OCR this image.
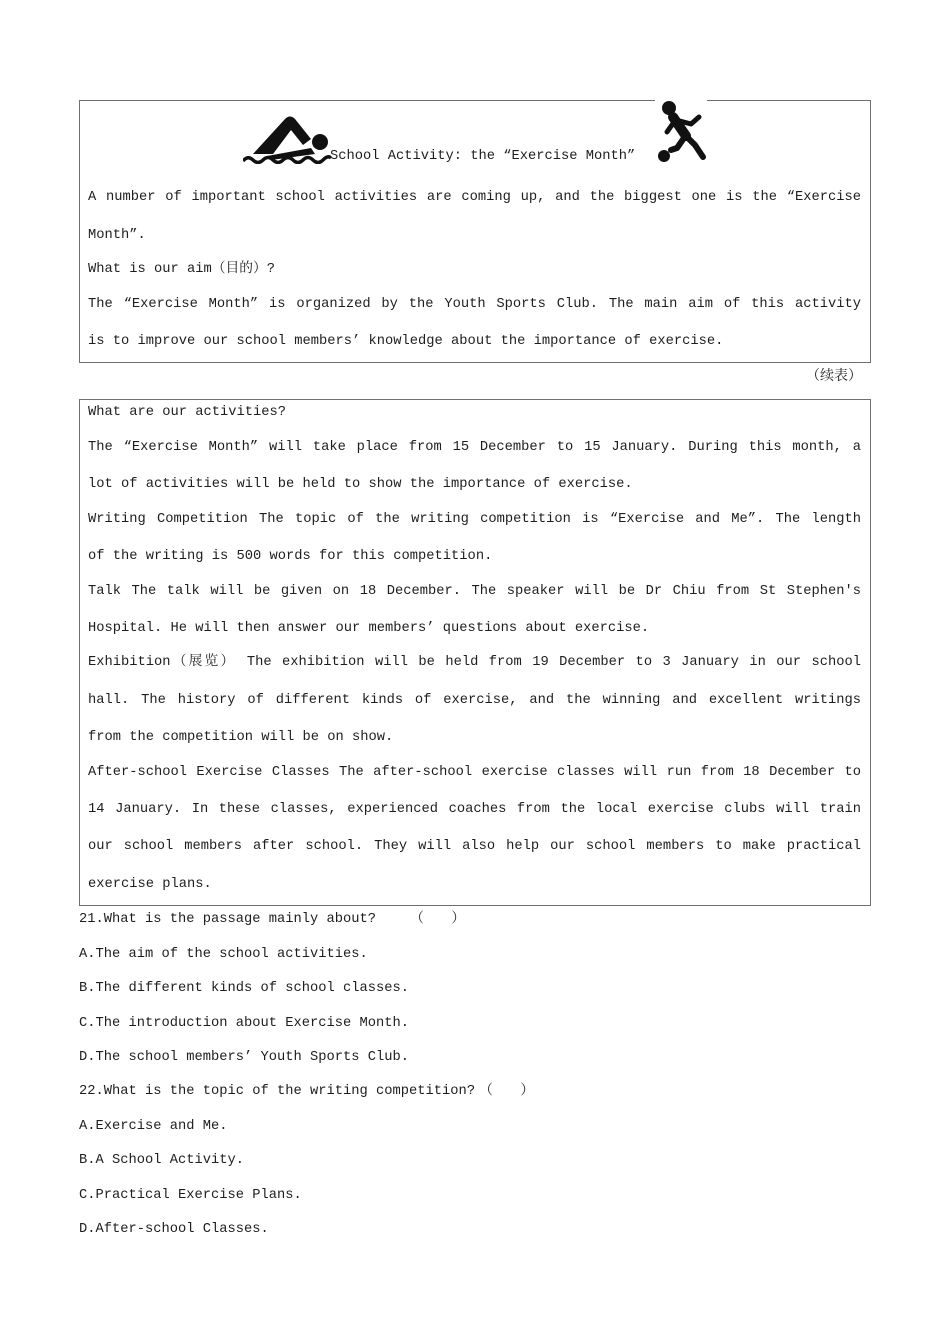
School Activity: the “Exercise Month”
A number of important school activities are coming up, and the biggest one is the “Exercise
Month”.
What is our aim（目的）?
The “Exercise Month” is organized by the Youth Sports Club. The main aim of this activity
is to improve our school members’ knowledge about the importance of exercise.
（续表）
What are our activities?
The “Exercise Month” will take place from 15 December to 15 January. During this month, a
lot of activities will be held to show the importance of exercise.
Writing Competition The topic of the writing competition is “Exercise and Me”. The length
of the writing is 500 words for this competition.
Talk The talk will be given on 18 December. The speaker will be Dr Chiu from St Stephen's
Hospital. He will then answer our members’ questions about exercise.
Exhibition（展览） The exhibition will be held from 19 December to 3 January in our school
hall. The history of different kinds of exercise, and the winning and excellent writings
from the competition will be on show.
After-school Exercise Classes The after-school exercise classes will run from 18 December to
14 January. In these classes, experienced coaches from the local exercise clubs will train
our school members after school. They will also help our school members to make practical
exercise plans.
21.What is the passage mainly about? （　　）
A.The aim of the school activities.
B.The different kinds of school classes.
C.The introduction about Exercise Month.
D.The school members’ Youth Sports Club.
22.What is the topic of the writing competition? （　　）
A.Exercise and Me.
B.A School Activity.
C.Practical Exercise Plans.
D.After-school Classes.
